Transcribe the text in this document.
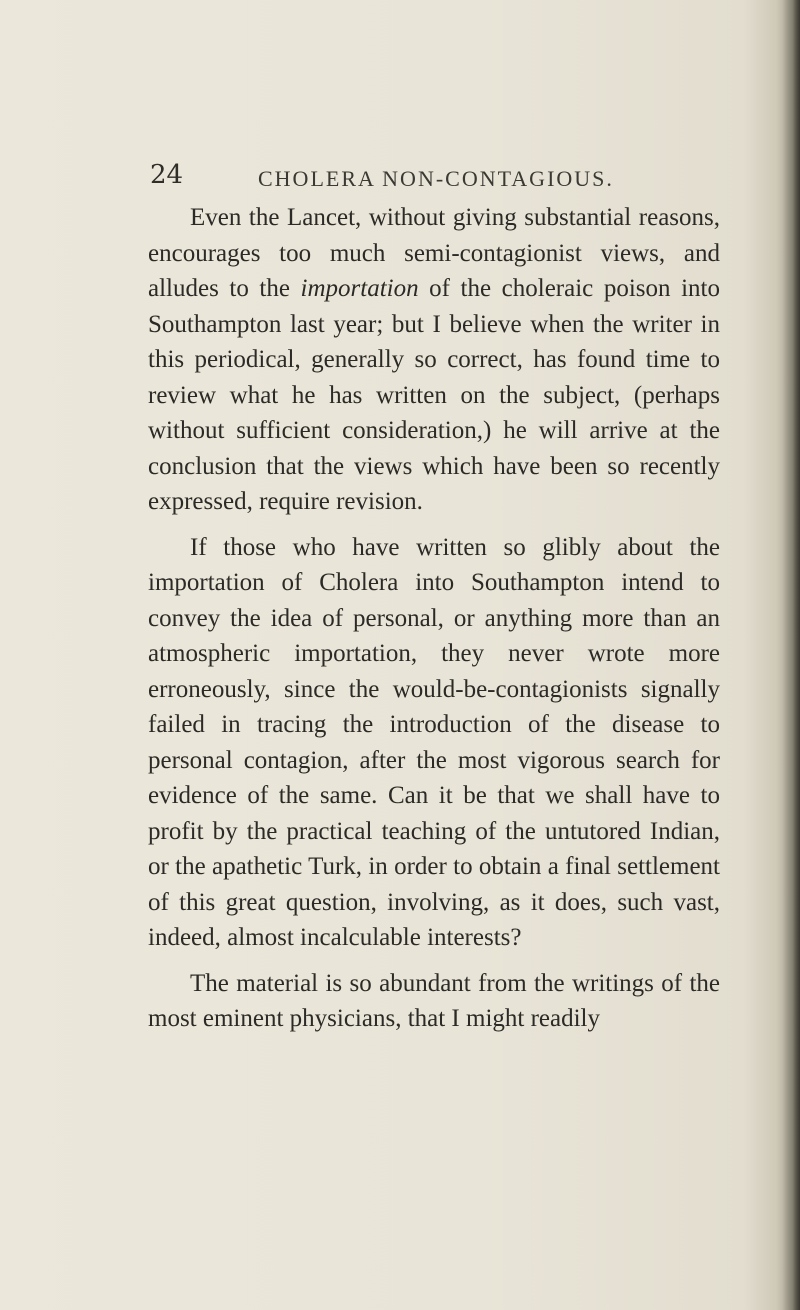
24	CHOLERA NON-CONTAGIOUS.

Even the Lancet, without giving substantial reasons, encourages too much semi-contagionist views, and alludes to the importation of the choleraic poison into Southampton last year; but I believe when the writer in this periodical, generally so correct, has found time to review what he has written on the subject, (perhaps without sufficient consideration,) he will arrive at the conclusion that the views which have been so recently expressed, require revision.

If those who have written so glibly about the importation of Cholera into Southampton intend to convey the idea of personal, or anything more than an atmospheric importation, they never wrote more erroneously, since the would-be-contagionists signally failed in tracing the introduction of the disease to personal contagion, after the most vigorous search for evidence of the same. Can it be that we shall have to profit by the practical teaching of the untutored Indian, or the apathetic Turk, in order to obtain a final settlement of this great question, involving, as it does, such vast, indeed, almost incalculable interests?

The material is so abundant from the writings of the most eminent physicians, that I might readily
